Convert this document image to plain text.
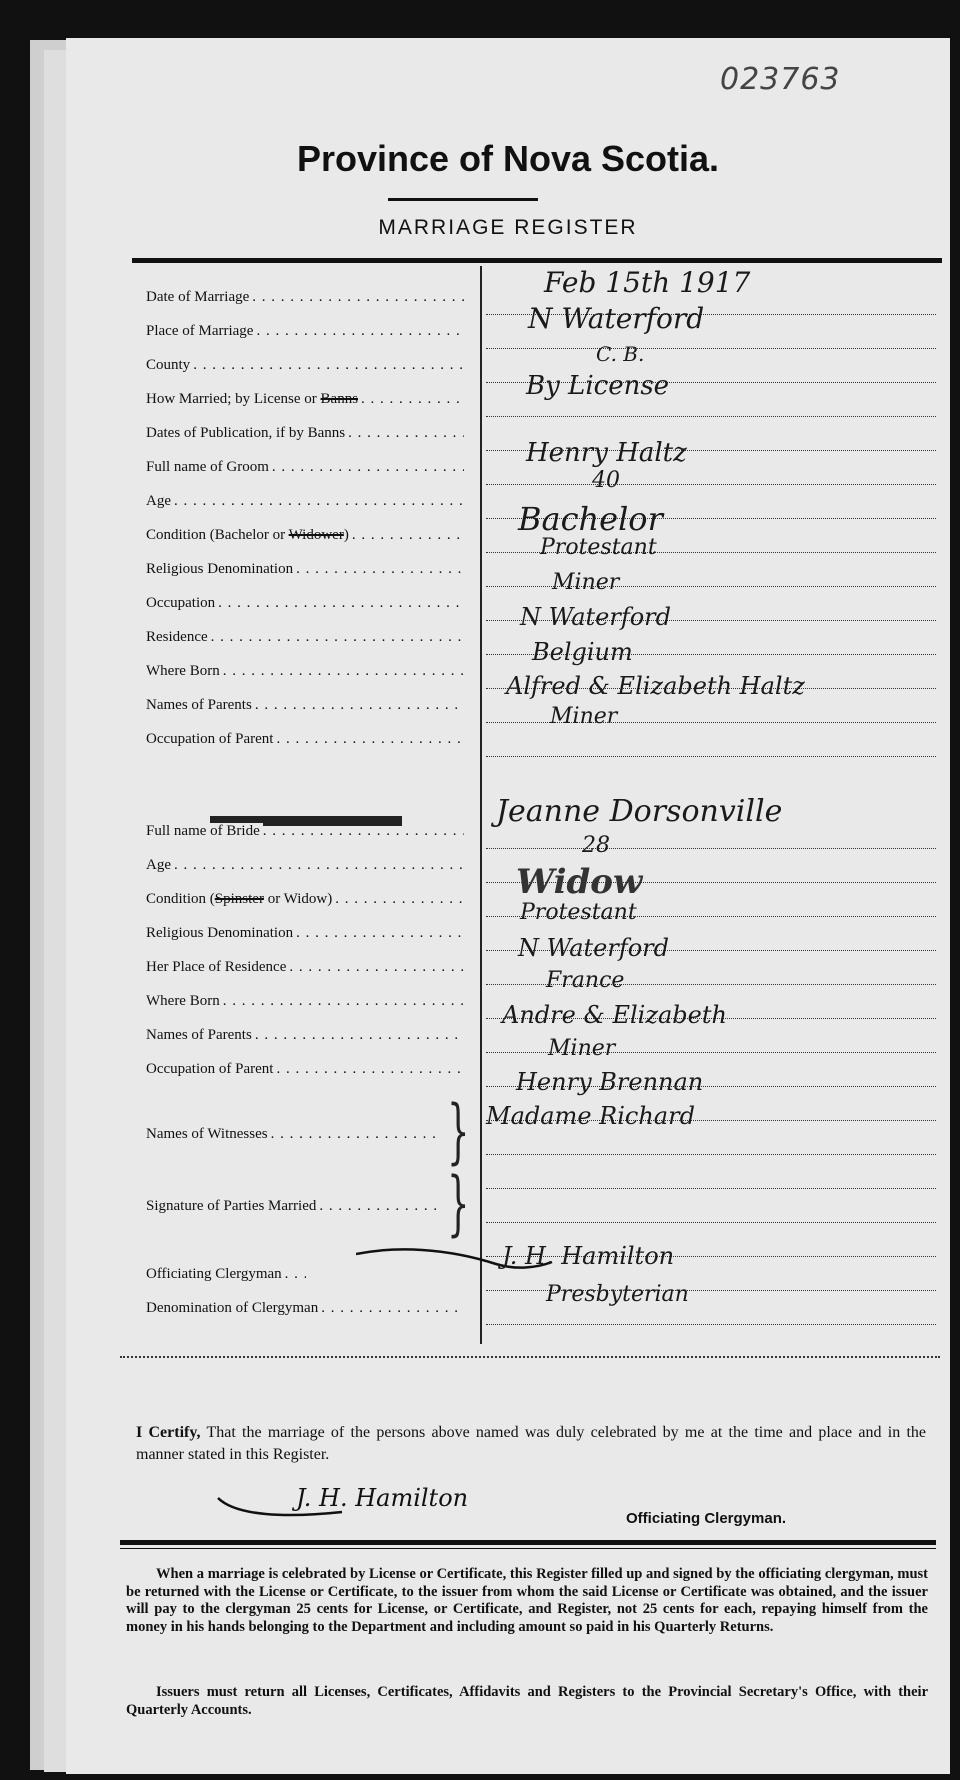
023763
Province of Nova Scotia.
MARRIAGE REGISTER
Date of Marriage
. . .
Place of Marriage
. . .
County
. . .
How Married; by License or Banns
. . .
Dates of Publication, if by Banns
. . .
Full name of Groom
. . .
Age
. . .
Condition (Bachelor or Widower)
. . .
Religious Denomination
. . .
Occupation
. . .
Residence
. . .
Where Born
. . .
Names of Parents
. . .
Occupation of Parent
. . .
Full name of Bride
. . .
Age
. . .
Condition (Spinster or Widow)
. . .
Religious Denomination
. . .
Her Place of Residence
. . .
Where Born
. . .
Names of Parents
. . .
Occupation of Parent
. . .
Names of Witnesses
. . .	}
Signature of Parties Married
. . . }
Officiating Clergyman
. . .
Denomination of Clergyman
. . .
Feb 15th 1917
N Waterford
C. B.
By License
Henry Haltz
40
Bachelor
Protestant
Miner
N Waterford
Belgium
Alfred & Elizabeth Haltz
Miner
Jeanne Dorsonville
28
Widow
Protestant
N Waterford
France
Andre & Elizabeth
Miner
Henry Brennan
Madame Richard
J. H. Hamilton
Presbyterian
I Certify, That the marriage of the persons above named was duly celebrated by me at the time and place and in the manner stated in this Register.
J. H. Hamilton
Officiating Clergyman.
When a marriage is celebrated by License or Certificate, this Register filled up and signed by the officiating clergyman, must be returned with the License or Certificate, to the issuer from whom the said License or Certificate was obtained, and the issuer will pay to the clergyman 25 cents for License, or Certificate, and Register, not 25 cents for each, repaying himself from the money in his hands belonging to the Department and including amount so paid in his Quarterly Returns.
Issuers must return all Licenses, Certificates, Affidavits and Registers to the Provincial Secretary's Office, with their Quarterly Accounts.
